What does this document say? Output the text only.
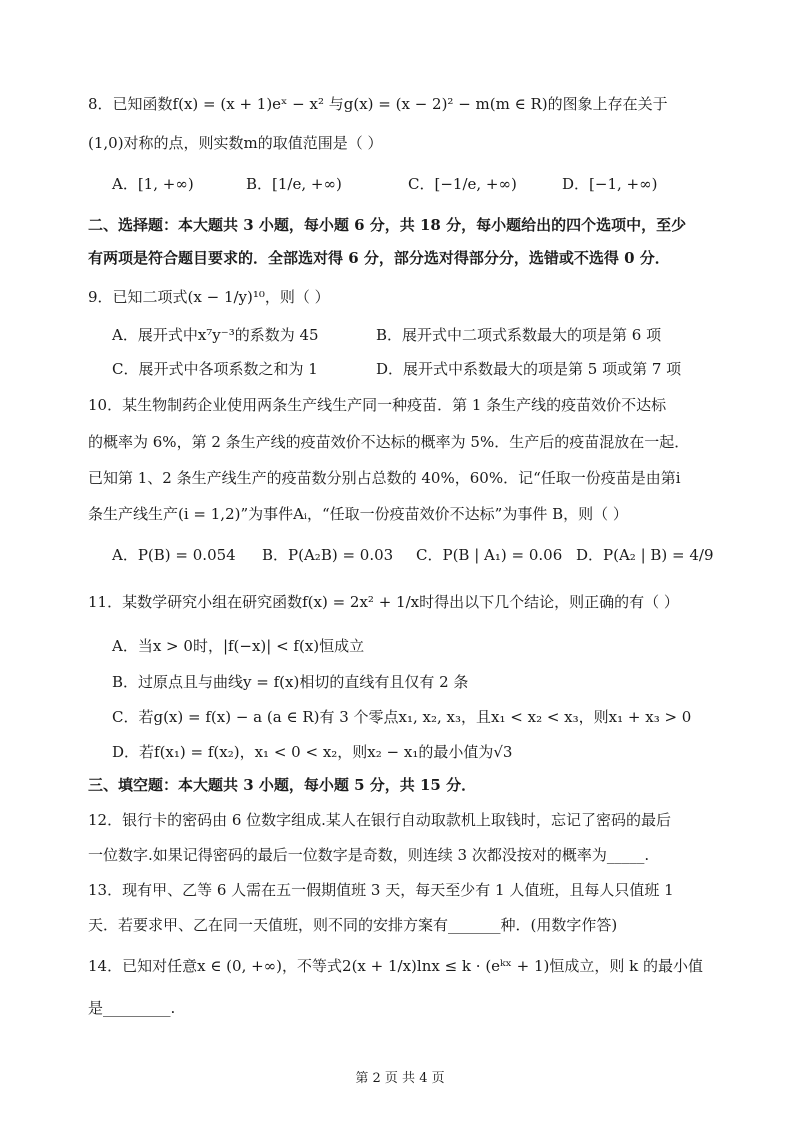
8．已知函数f(x) = (x + 1)eˣ − x² 与g(x) = (x − 2)² − m(m ∈ R)的图象上存在关于
(1,0)对称的点，则实数m的取值范围是（ ）
A．[1, +∞)	B．[1/e, +∞)	C．[−1/e, +∞)	D．[−1, +∞)
二、选择题：本大题共 3 小题，每小题 6 分，共 18 分，每小题给出的四个选项中，至少
有两项是符合题目要求的．全部选对得 6 分，部分选对得部分分，选错或不选得 0 分．
9．已知二项式(x − 1/y)¹⁰，则（ ）
A．展开式中x⁷y⁻³的系数为 45	B．展开式中二项式系数最大的项是第 6 项
C．展开式中各项系数之和为 1	D．展开式中系数最大的项是第 5 项或第 7 项
10．某生物制药企业使用两条生产线生产同一种疫苗．第 1 条生产线的疫苗效价不达标
的概率为 6%，第 2 条生产线的疫苗效价不达标的概率为 5%．生产后的疫苗混放在一起．
已知第 1、2 条生产线生产的疫苗数分别占总数的 40%，60%．记“任取一份疫苗是由第i
条生产线生产(i = 1,2)”为事件Aᵢ，“任取一份疫苗效价不达标”为事件 B，则（ ）
A．P(B) = 0.054	B．P(A₂B) = 0.03	C．P(B | A₁) = 0.06 D．P(A₂ | B) = 4/9
11．某数学研究小组在研究函数f(x) = 2x² + 1/x时得出以下几个结论，则正确的有（ ）
A．当x > 0时，|f(−x)| < f(x)恒成立
B．过原点且与曲线y = f(x)相切的直线有且仅有 2 条
C．若g(x) = f(x) − a (a ∈ R)有 3 个零点x₁, x₂, x₃，且x₁ < x₂ < x₃，则x₁ + x₃ > 0
D．若f(x₁) = f(x₂)，x₁ < 0 < x₂，则x₂ − x₁的最小值为√3
三、填空题：本大题共 3 小题，每小题 5 分，共 15 分．
12．银行卡的密码由 6 位数字组成.某人在银行自动取款机上取钱时，忘记了密码的最后
一位数字.如果记得密码的最后一位数字是奇数，则连续 3 次都没按对的概率为_____.
13．现有甲、乙等 6 人需在五一假期值班 3 天，每天至少有 1 人值班，且每人只值班 1
天．若要求甲、乙在同一天值班，则不同的安排方案有_______种．(用数字作答)
14．已知对任意x ∈ (0, +∞)，不等式2(x + 1/x)lnx ≤ k · (eᵏˣ + 1)恒成立，则 k 的最小值
是_________.
第 2 页 共 4 页
